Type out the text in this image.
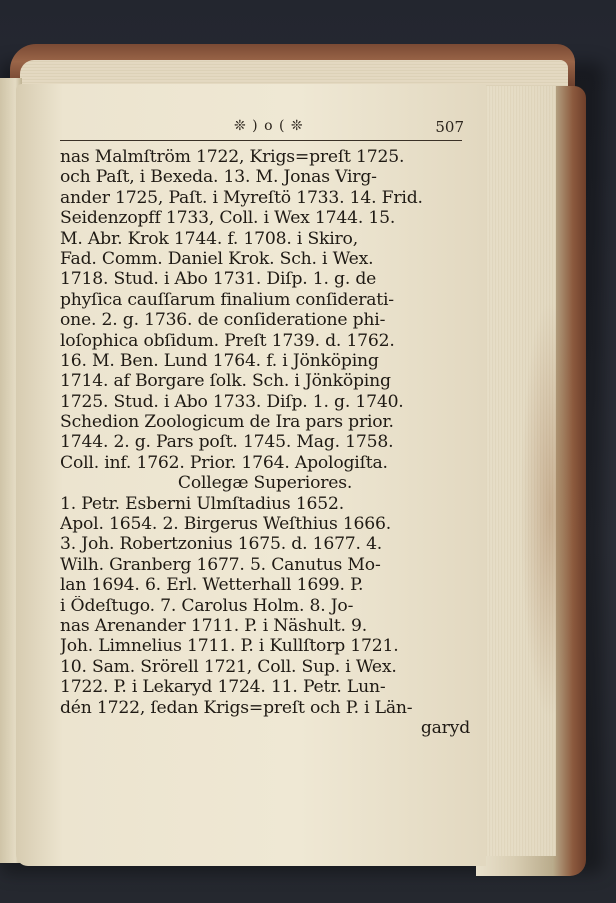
❊ ) o ( ❊	507
nas Malmſtröm 1722, Krigs=preſt 1725.
och Paſt, i Bexeda. 13. M. Jonas Virg-
ander 1725, Paſt. i Myreſtö 1733. 14. Frid.
Seidenzopff 1733, Coll. i Wex 1744. 15.
M. Abr. Krok 1744. f. 1708. i Skiro,
Fad. Comm. Daniel Krok. Sch. i Wex.
1718. Stud. i Abo 1731. Diſp. 1. g. de
phyſica cauſſarum finalium conſiderati-
one. 2. g. 1736. de conſideratione phi-
loſophica obſidum. Preſt 1739. d. 1762.
16. M. Ben. Lund 1764. f. i Jönköping
1714. af Borgare ſolk. Sch. i Jönköping
1725. Stud. i Abo 1733. Diſp. 1. g. 1740.
Schedion Zoologicum de Ira pars prior.
1744. 2. g. Pars poſt. 1745. Mag. 1758.
Coll. inf. 1762. Prior. 1764. Apologiſta.
Collegæ Superiores.
1. Petr. Esberni Ulmſtadius 1652.
Apol. 1654. 2. Birgerus Weſthius 1666.
3. Joh. Robertzonius 1675. d. 1677. 4.
Wilh. Granberg 1677. 5. Canutus Mo-
lan 1694. 6. Erl. Wetterhall 1699. P.
i Ödeſtugo. 7. Carolus Holm. 8. Jo-
nas Arenander 1711. P. i Näshult. 9.
Joh. Limnelius 1711. P. i Kullſtorp 1721.
10. Sam. Srörell 1721, Coll. Sup. i Wex.
1722. P. i Lekaryd 1724. 11. Petr. Lun-
dén 1722, ſedan Krigs=preſt och P. i Län-
garyd
